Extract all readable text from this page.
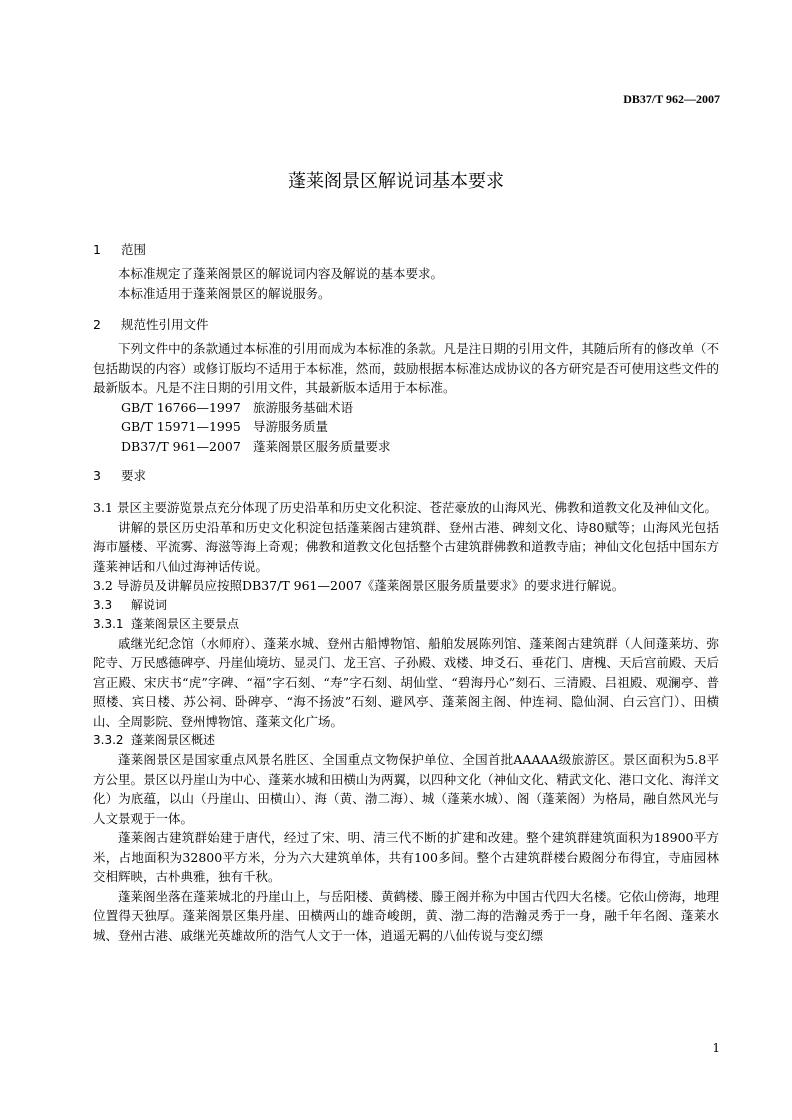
DB37/T 962—2007
蓬莱阁景区解说词基本要求
1 范围

本标准规定了蓬莱阁景区的解说词内容及解说的基本要求。

本标准适用于蓬莱阁景区的解说服务。

2 规范性引用文件

下列文件中的条款通过本标准的引用而成为本标准的条款。凡是注日期的引用文件，其随后所有的修改单（不包括勘误的内容）或修订版均不适用于本标准，然而，鼓励根据本标准达成协议的各方研究是否可使用这些文件的最新版本。凡是不注日期的引用文件，其最新版本适用于本标准。

GB/T 16766—1997 旅游服务基础术语
GB/T 15971—1995 导游服务质量
DB37/T 961—2007 蓬莱阁景区服务质量要求
3 要求

3.1 景区主要游览景点充分体现了历史沿革和历史文化积淀、苍茫豪放的山海风光、佛教和道教文化及神仙文化。

讲解的景区历史沿革和历史文化积淀包括蓬莱阁古建筑群、登州古港、碑刻文化、诗80赋等；山海风光包括海市蜃楼、平流雾、海滋等海上奇观；佛教和道教文化包括整个古建筑群佛教和道教寺庙；神仙文化包括中国东方蓬莱神话和八仙过海神话传说。

3.2 导游员及讲解员应按照DB37/T 961—2007《蓬莱阁景区服务质量要求》的要求进行解说。

3.3 解说词
3.3.1 蓬莱阁景区主要景点

戚继光纪念馆（水师府）、蓬莱水城、登州古船博物馆、船舶发展陈列馆、蓬莱阁古建筑群（人间蓬莱坊、弥陀寺、万民感德碑亭、丹崖仙境坊、显灵门、龙王宫、子孙殿、戏楼、坤爻石、垂花门、唐槐、天后宫前殿、天后宫正殿、宋庆书“虎”字碑、“福”字石刻、“寿”字石刻、胡仙堂、“碧海丹心”刻石、三清殿、吕祖殿、观澜亭、普照楼、宾日楼、苏公祠、卧碑亭、“海不扬波”石刻、避风亭、蓬莱阁主阁、仲连祠、隐仙洞、白云宫门）、田横山、全周影院、登州博物馆、蓬莱文化广场。

3.3.2 蓬莱阁景区概述

蓬莱阁景区是国家重点风景名胜区、全国重点文物保护单位、全国首批AAAAA级旅游区。景区面积为5.8平方公里。景区以丹崖山为中心、蓬莱水城和田横山为两翼，以四种文化（神仙文化、精武文化、港口文化、海洋文化）为底蕴，以山（丹崖山、田横山）、海（黄、渤二海）、城（蓬莱水城）、阁（蓬莱阁）为格局，融自然风光与人文景观于一体。

蓬莱阁古建筑群始建于唐代，经过了宋、明、清三代不断的扩建和改建。整个建筑群建筑面积为18900平方米，占地面积为32800平方米，分为六大建筑单体，共有100多间。整个古建筑群楼台殿阁分布得宜，寺庙园林交相辉映，古朴典雅，独有千秋。

蓬莱阁坐落在蓬莱城北的丹崖山上，与岳阳楼、黄鹤楼、滕王阁并称为中国古代四大名楼。它依山傍海，地理位置得天独厚。蓬莱阁景区集丹崖、田横两山的雄奇峻朗，黄、渤二海的浩瀚灵秀于一身，融千年名阁、蓬莱水城、登州古港、戚继光英雄故所的浩气人文于一体，逍遥无羁的八仙传说与变幻缥

1
